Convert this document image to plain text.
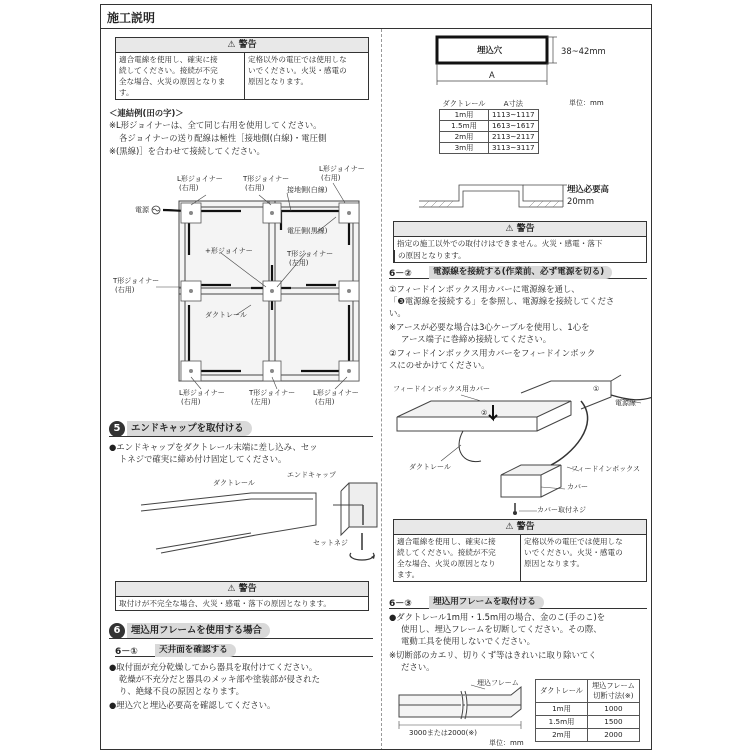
施工説明
⚠ 警告
適合電線を使用し、確実に接
続してください。接続が不完
全な場合、火災の原因となりま
す。
定格以外の電圧では使用しな
いでください。火災・感電の
原因となります。
＜連結例(田の字)＞
※L形ジョイナーは、全て同じ右用を使用してください。
各ジョイナーの送り配線は極性［接地側(白線)・電圧側
※(黒線)］を合わせて接続してください。
L形ジョイナー
(右用)
T形ジョイナー
(右用)
L形ジョイナー
(右用)
接地側(白線)
電源
電圧側(黒線)
+形ジョイナー	T形ジョイナー
(左用)
T形ジョイナー
(右用)
ダクトレール
L形ジョイナー
(右用)
T形ジョイナー
(左用)
L形ジョイナー
(右用)
5	エンドキャップを取付ける
●エンドキャップをダクトレール末端に差し込み、セッ
トネジで確実に締め付け固定してください。
エンドキャップ
ダクトレール
セットネジ
⚠ 警告
取付けが不完全な場合、火災・感電・落下の原因となります。
6	埋込用フレームを使用する場合
6－①	天井面を確認する
●取付面が充分乾燥してから器具を取付けてください。
乾燥が不充分だと器具のメッキ部や塗装部が侵された
り、絶縁不良の原因となります。
●埋込穴と埋込必要高を確認してください。
埋込穴	38~42mm
A
単位：mm
ダクトレール	A寸法
1m用	1113~1117
1.5m用	1613~1617
2m用	2113~2117
3m用	3113~3117
埋込必要高
20mm
⚠ 警告
指定の施工以外での取付けはできません。火災・感電・落下
の原因となります。
6－②	電源線を接続する(作業前、必ず電源を切る)
①フィードインボックス用カバーに電源線を通し、
「❸電源線を接続する」を参照し、電源線を接続してくださ
い。
※アースが必要な場合は3心ケーブルを使用し、1心を
アース端子に巻締め接続してください。
②フィードインボックス用カバーをフィードインボック
スにのせかけてください。
フィードインボックス用カバー
電源線
②
①
ダクトレール	フィードインボックス
カバー
カバー取付ネジ
⚠ 警告
適合電線を使用し、確実に接
続してください。接続が不完
全な場合、火災の原因となり
ます。
定格以外の電圧では使用しな
いでください。火災・感電の
原因となります。
6－③	埋込用フレームを取付ける
●ダクトレール1m用・1.5m用の場合、金のこ(手のこ)を
使用し、埋込フレームを切断してください。その際、
電動工具を使用しないでください。
※切断部のカエリ、切りくず等はきれいに取り除いてく
ださい。
埋込フレーム
3000または2000(※)
単位：mm
ダクトレール	埋込フレーム
切断寸法(※)

1m用	1000
1.5m用	1500
2m用	2000
